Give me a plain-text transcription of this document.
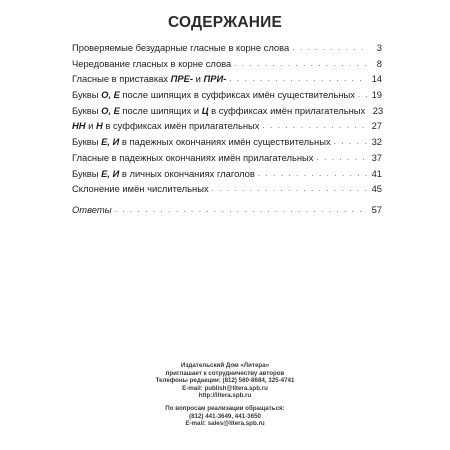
СОДЕРЖАНИЕ
Проверяемые безударные гласные в корне слова . . .	3
Чередование гласных в корне слова . . .	8
Гласные в приставках ПРЕ- и ПРИ- . . .	14
Буквы О, Е после шипящих в суффиксах имён существительных . . . 19
Буквы О, Е после шипящих и Ц в суффиксах имён прилагательных 23
НН и Н в суффиксах имён прилагательных . . .	27
Буквы Е, И в падежных окончаниях имён существительных . . .	32
Гласные в падежных окончаниях имён прилагательных . . .	37
Буквы Е, И в личных окончаниях глаголов . . .	41
Склонение имён числительных . . .	45
Ответы . . .	57
Издательский Дом «Литера»
приглашает к сотрудничеству авторов
Телефоны редакции: (812) 560-8684, 325-4741
E-mail: publish@litera.spb.ru
http://litera.spb.ru
По вопросам реализации обращаться:
(812) 441-3649, 441-3650
E-mail: sales@litera.spb.ru
